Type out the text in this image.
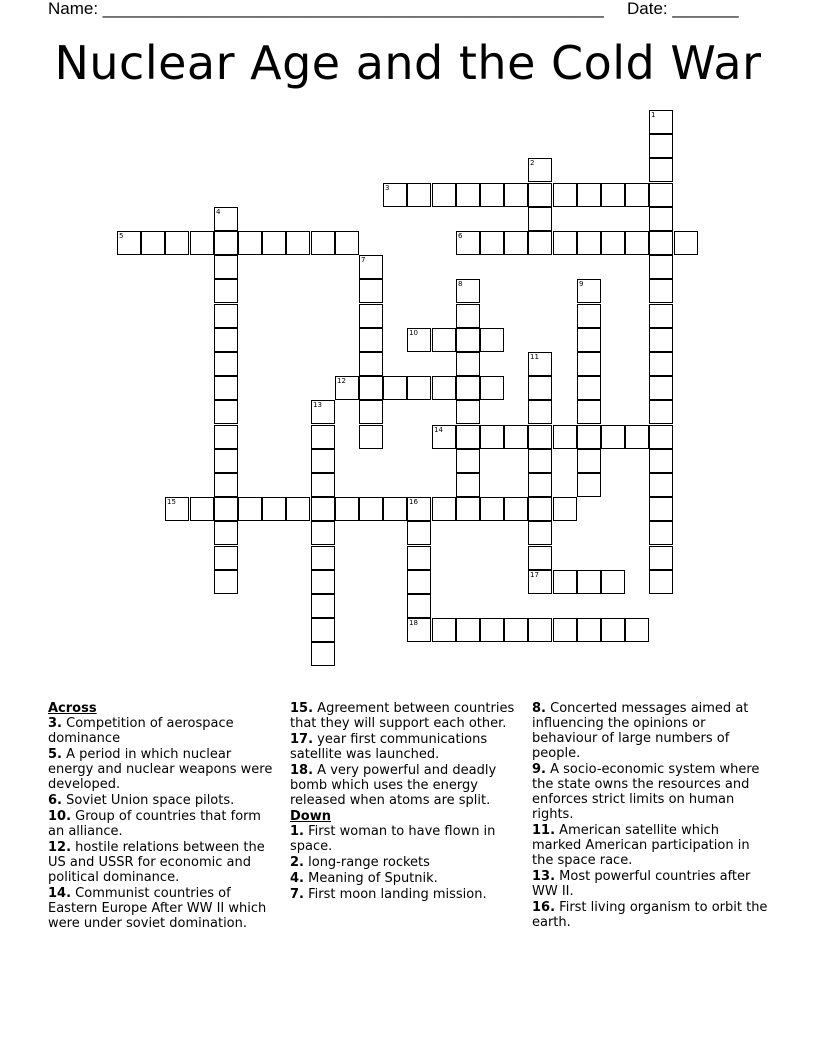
Name: _____________________________________________________ Date: _______
Nuclear Age and the Cold War
3
5	6
10
12
14
15	16
17
18
1
2
4
7
8	9
11
13
Across
3. Competition of aerospace dominance
5. A period in which nuclear energy and nuclear weapons were developed.
6. Soviet Union space pilots.
10. Group of countries that form an alliance.
12. hostile relations between the US and USSR for economic and political dominance.
14. Communist countries of Eastern Europe After WW II which were under soviet domination.
15. Agreement between countries that they will support each other.
17. year first communications satellite was launched.
18. A very powerful and deadly bomb which uses the energy released when atoms are split.
Down
1. First woman to have flown in space.
2. long-range rockets
4. Meaning of Sputnik.
7. First moon landing mission.
8. Concerted messages aimed at influencing the opinions or behaviour of large numbers of people.
9. A socio-economic system where the state owns the resources and enforces strict limits on human rights.
11. American satellite which marked American participation in the space race.
13. Most powerful countries after WW II.
16. First living organism to orbit the earth.
